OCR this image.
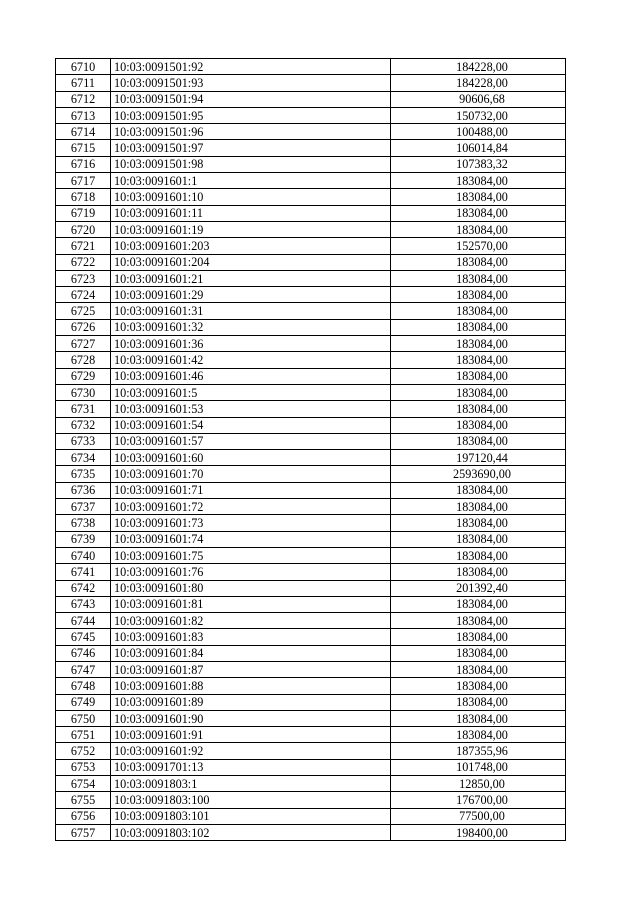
6710	10:03:0091501:92	184228,00
6711	10:03:0091501:93	184228,00
6712	10:03:0091501:94	90606,68
6713	10:03:0091501:95	150732,00
6714	10:03:0091501:96	100488,00
6715	10:03:0091501:97	106014,84
6716	10:03:0091501:98	107383,32
6717	10:03:0091601:1	183084,00
6718	10:03:0091601:10	183084,00
6719	10:03:0091601:11	183084,00
6720	10:03:0091601:19	183084,00
6721	10:03:0091601:203	152570,00
6722	10:03:0091601:204	183084,00
6723	10:03:0091601:21	183084,00
6724	10:03:0091601:29	183084,00
6725	10:03:0091601:31	183084,00
6726	10:03:0091601:32	183084,00
6727	10:03:0091601:36	183084,00
6728	10:03:0091601:42	183084,00
6729	10:03:0091601:46	183084,00
6730	10:03:0091601:5	183084,00
6731	10:03:0091601:53	183084,00
6732	10:03:0091601:54	183084,00
6733	10:03:0091601:57	183084,00
6734	10:03:0091601:60	197120,44
6735	10:03:0091601:70	2593690,00
6736	10:03:0091601:71	183084,00
6737	10:03:0091601:72	183084,00
6738	10:03:0091601:73	183084,00
6739	10:03:0091601:74	183084,00
6740	10:03:0091601:75	183084,00
6741	10:03:0091601:76	183084,00
6742	10:03:0091601:80	201392,40
6743	10:03:0091601:81	183084,00
6744	10:03:0091601:82	183084,00
6745	10:03:0091601:83	183084,00
6746	10:03:0091601:84	183084,00
6747	10:03:0091601:87	183084,00
6748	10:03:0091601:88	183084,00
6749	10:03:0091601:89	183084,00
6750	10:03:0091601:90	183084,00
6751	10:03:0091601:91	183084,00
6752	10:03:0091601:92	187355,96
6753	10:03:0091701:13	101748,00
6754	10:03:0091803:1	12850,00
6755	10:03:0091803:100	176700,00
6756	10:03:0091803:101	77500,00
6757	10:03:0091803:102	198400,00
